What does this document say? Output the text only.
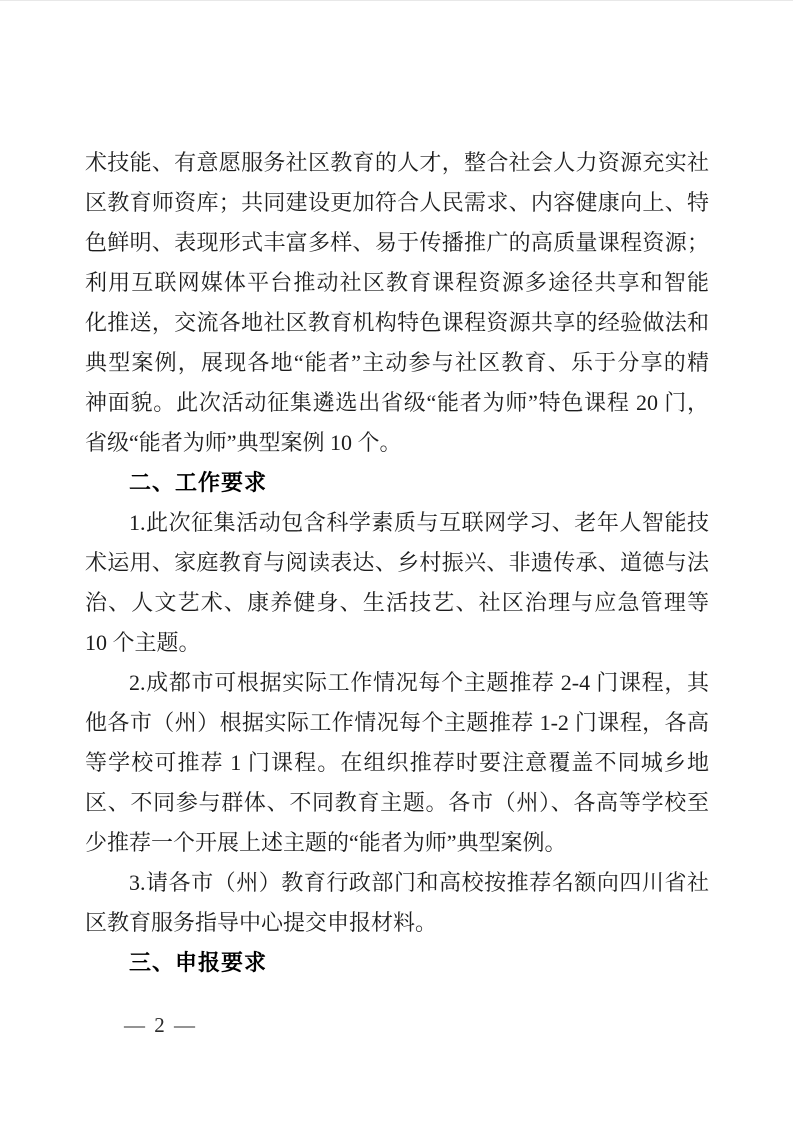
术技能、有意愿服务社区教育的人才，整合社会人力资源充实社
区教育师资库；共同建设更加符合人民需求、内容健康向上、特
色鲜明、表现形式丰富多样、易于传播推广的高质量课程资源；
利用互联网媒体平台推动社区教育课程资源多途径共享和智能
化推送，交流各地社区教育机构特色课程资源共享的经验做法和
典型案例，展现各地“能者”主动参与社区教育、乐于分享的精
神面貌。此次活动征集遴选出省级“能者为师”特色课程 20 门，
省级“能者为师”典型案例 10 个。
二、工作要求
1.此次征集活动包含科学素质与互联网学习、老年人智能技
术运用、家庭教育与阅读表达、乡村振兴、非遗传承、道德与法
治、人文艺术、康养健身、生活技艺、社区治理与应急管理等
10 个主题。
2.成都市可根据实际工作情况每个主题推荐 2-4 门课程，其
他各市（州）根据实际工作情况每个主题推荐 1-2 门课程，各高
等学校可推荐 1 门课程。在组织推荐时要注意覆盖不同城乡地
区、不同参与群体、不同教育主题。各市（州）、各高等学校至
少推荐一个开展上述主题的“能者为师”典型案例。
3.请各市（州）教育行政部门和高校按推荐名额向四川省社
区教育服务指导中心提交申报材料。
三、申报要求
— 2 —
